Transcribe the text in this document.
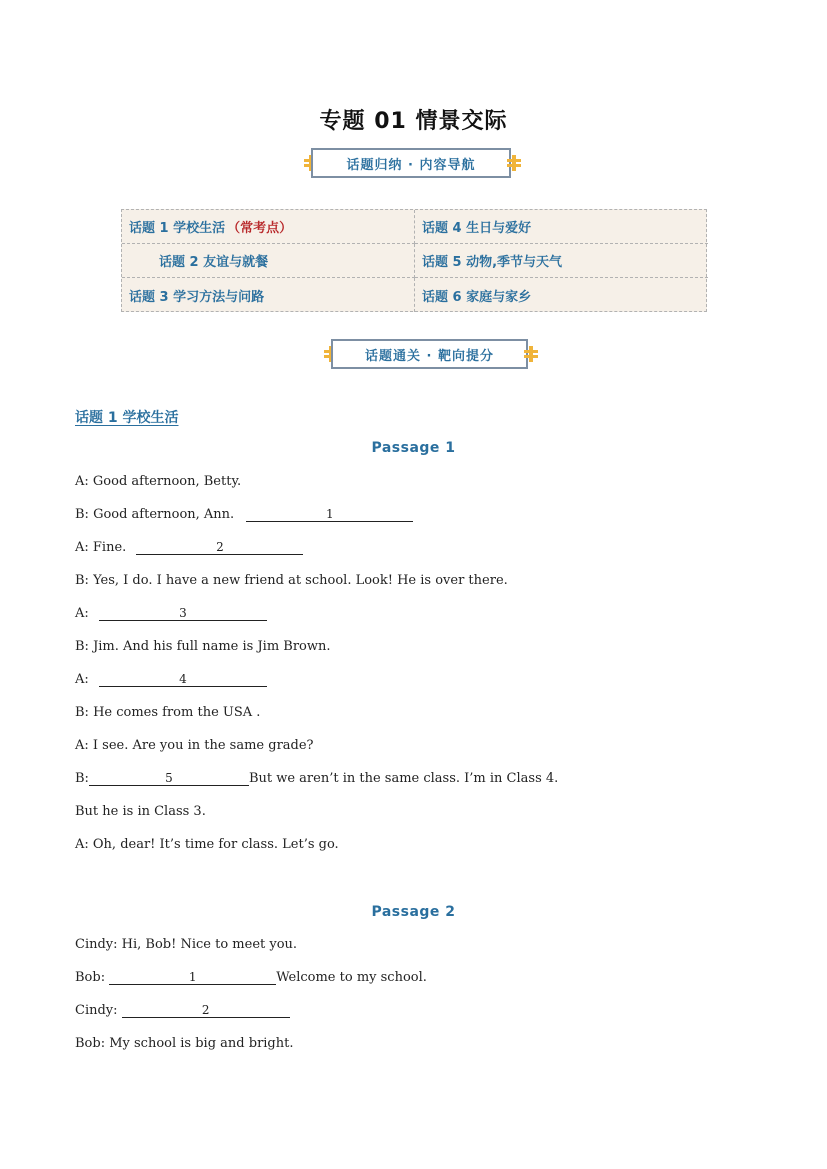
专题 01 情景交际
话题归纳 · 内容导航
话题 1 学校生活 （常考点）	话题 4 生日与爱好
话题 2 友谊与就餐	话题 5 动物,季节与天气
话题 3 学习方法与问路	话题 6 家庭与家乡
话题通关 · 靶向提分
话题 1 学校生活
Passage 1
A: Good afternoon, Betty.
B: Good afternoon, Ann.	1
A: Fine.	2
B: Yes, I do. I have a new friend at school. Look! He is over there.
A:	3
B: Jim. And his full name is Jim Brown.
A:	4
B: He comes from the USA .
A: I see. Are you in the same grade?
B:	5	But we aren’t in the same class. I’m in Class 4.
But he is in Class 3.
A: Oh, dear! It’s time for class. Let’s go.
Passage 2
Cindy: Hi, Bob! Nice to meet you.
Bob:	1	Welcome to my school.
Cindy:	2
Bob: My school is big and bright.
